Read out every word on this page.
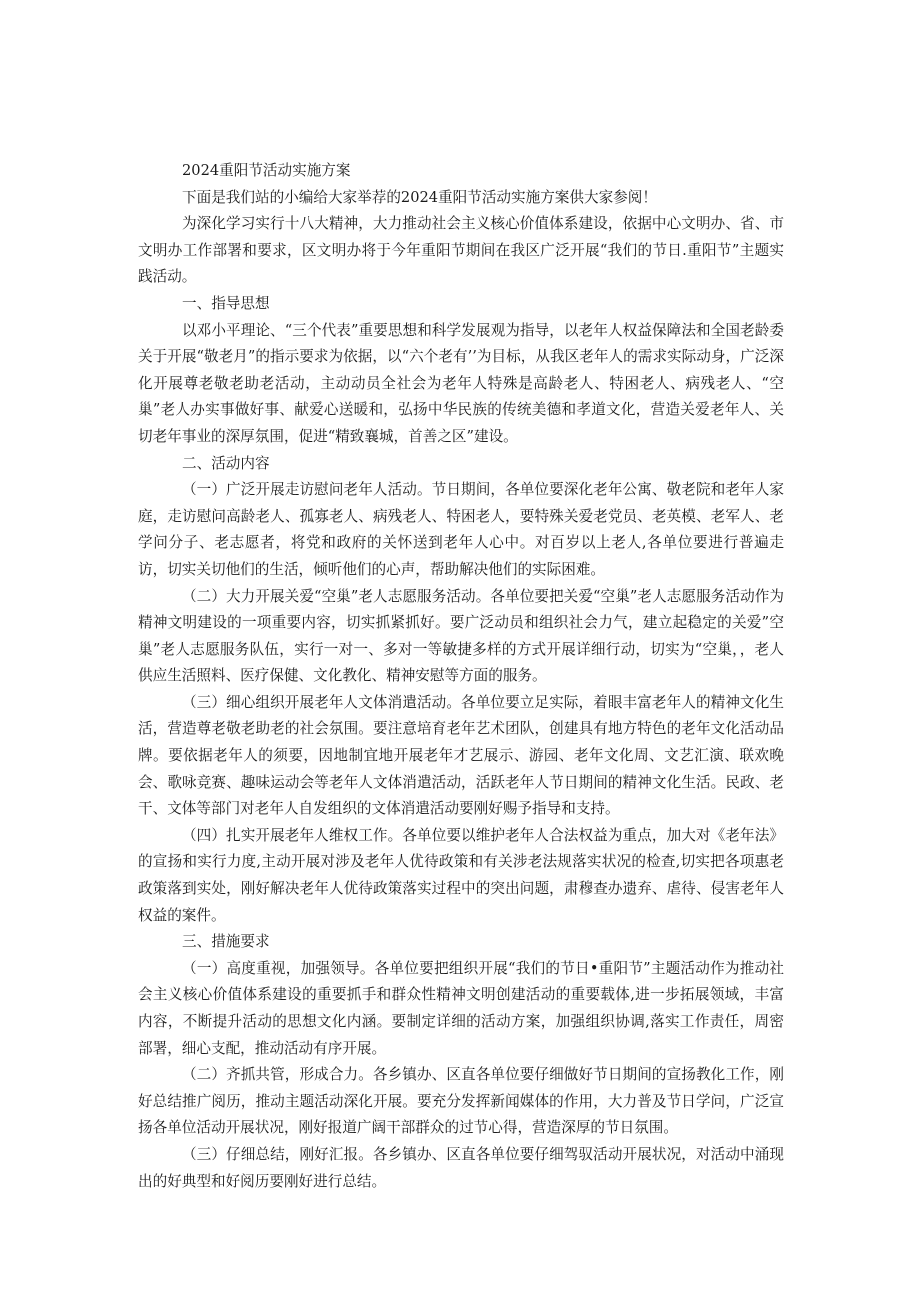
2024重阳节活动实施方案

下面是我们站的小编给大家举荐的2024重阳节活动实施方案供大家参阅！

为深化学习实行十八大精神，大力推动社会主义核心价值体系建设，依据中心文明办、省、市文明办工作部署和要求，区文明办将于今年重阳节期间在我区广泛开展“我们的节日.重阳节”主题实践活动。

一、指导思想

以邓小平理论、“三个代表”重要思想和科学发展观为指导，以老年人权益保障法和全国老龄委关于开展“敬老月”的指示要求为依据，以“六个老有’’为目标，从我区老年人的需求实际动身，广泛深化开展尊老敬老助老活动，主动动员全社会为老年人特殊是高龄老人、特困老人、病残老人、“空巢”老人办实事做好事、献爱心送暖和，弘扬中华民族的传统美德和孝道文化，营造关爱老年人、关切老年事业的深厚氛围，促进“精致襄城，首善之区”建设。

二、活动内容

（一）广泛开展走访慰问老年人活动。节日期间，各单位要深化老年公寓、敬老院和老年人家庭，走访慰问高龄老人、孤寡老人、病残老人、特困老人，要特殊关爱老党员、老英模、老军人、老学问分子、老志愿者，将党和政府的关怀送到老年人心中。对百岁以上老人,各单位要进行普遍走访，切实关切他们的生活，倾听他们的心声，帮助解决他们的实际困难。

（二）大力开展关爱“空巢”老人志愿服务活动。各单位要把关爱“空巢”老人志愿服务活动作为精神文明建设的一项重要内容，切实抓紧抓好。要广泛动员和组织社会力气，建立起稳定的关爱”空巢”老人志愿服务队伍，实行一对一、多对一等敏捷多样的方式开展详细行动，切实为“空巢，，老人供应生活照料、医疗保健、文化教化、精神安慰等方面的服务。

（三）细心组织开展老年人文体消遣活动。各单位要立足实际，着眼丰富老年人的精神文化生活，营造尊老敬老助老的社会氛围。要注意培育老年艺术团队，创建具有地方特色的老年文化活动品牌。要依据老年人的须要，因地制宜地开展老年才艺展示、游园、老年文化周、文艺汇演、联欢晚会、歌咏竞赛、趣味运动会等老年人文体消遣活动，活跃老年人节日期间的精神文化生活。民政、老干、文体等部门对老年人自发组织的文体消遣活动要刚好赐予指导和支持。

（四）扎实开展老年人维权工作。各单位要以维护老年人合法权益为重点，加大对《老年法》的宣扬和实行力度,主动开展对涉及老年人优待政策和有关涉老法规落实状况的检查,切实把各项惠老政策落到实处，刚好解决老年人优待政策落实过程中的突出问题，肃穆查办遗弃、虐待、侵害老年人权益的案件。

三、措施要求

（一）高度重视，加强领导。各单位要把组织开展“我们的节日•重阳节”主题活动作为推动社会主义核心价值体系建设的重要抓手和群众性精神文明创建活动的重要载体,进一步拓展领域，丰富内容，不断提升活动的思想文化内涵。要制定详细的活动方案，加强组织协调,落实工作责任，周密部署，细心支配，推动活动有序开展。

（二）齐抓共管，形成合力。各乡镇办、区直各单位要仔细做好节日期间的宣扬教化工作，刚好总结推广阅历，推动主题活动深化开展。要充分发挥新闻媒体的作用，大力普及节日学问，广泛宣扬各单位活动开展状况，刚好报道广阔干部群众的过节心得，营造深厚的节日氛围。

（三）仔细总结，刚好汇报。各乡镇办、区直各单位要仔细驾驭活动开展状况，对活动中涌现出的好典型和好阅历要刚好进行总结。
